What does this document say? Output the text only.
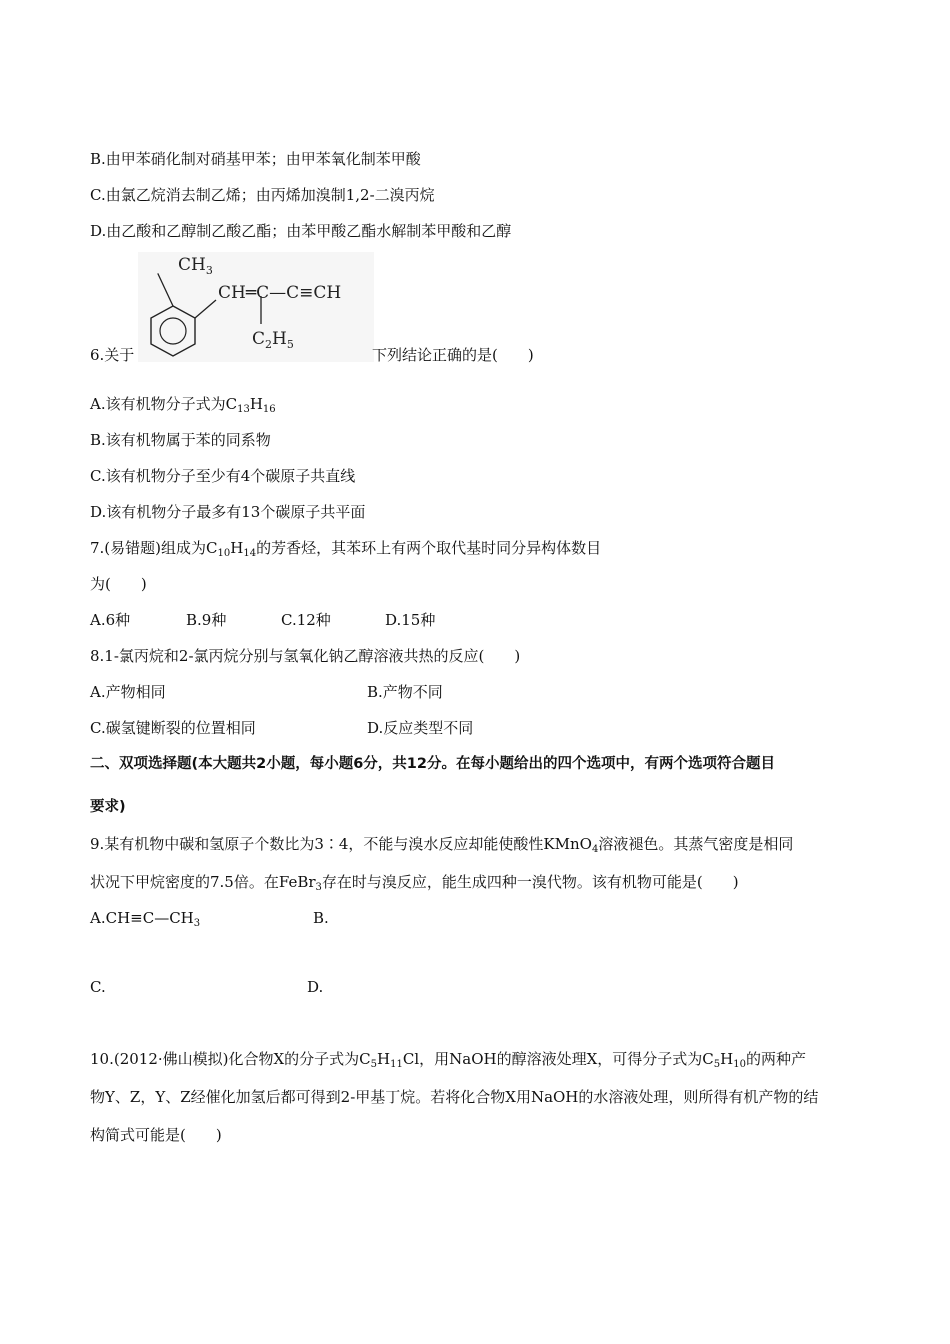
B.由甲苯硝化制对硝基甲苯；由甲苯氧化制苯甲酸
C.由氯乙烷消去制乙烯；由丙烯加溴制1,2-二溴丙烷
D.由乙酸和乙醇制乙酸乙酯；由苯甲酸乙酯水解制苯甲酸和乙醇
$CH_3$
CH═C—C≡CH
$C_2H_5$
6.关于	下列结论正确的是(　　)
A.该有机物分子式为$C_{13}H_{16}$
B.该有机物属于苯的同系物
C.该有机物分子至少有4个碳原子共直线
D.该有机物分子最多有13个碳原子共平面
7.(易错题)组成为$C_{10}H_{14}$的芳香烃，其苯环上有两个取代基时同分异构体数目
为(　　)
A.6种	B.9种	C.12种	D.15种
8.1-氯丙烷和2-氯丙烷分别与氢氧化钠乙醇溶液共热的反应(　　)
A.产物相同	B.产物不同
C.碳氢键断裂的位置相同	D.反应类型不同
二、双项选择题(本大题共2小题，每小题6分，共12分。在每小题给出的四个选项中，有两个选项符合题目
要求)
9.某有机物中碳和氢原子个数比为3∶4，不能与溴水反应却能使酸性KMnO$_4$溶液褪色。其蒸气密度是相同
状况下甲烷密度的7.5倍。在FeBr$_3$存在时与溴反应，能生成四种一溴代物。该有机物可能是(　　)
$A.CH\equiv C—CH_3$	B.
C.	D.
10.(2012·佛山模拟)化合物X的分子式为$C_5H_{11}Cl$，用NaOH的醇溶液处理X，可得分子式为$C_5H_{10}$的两种产
物Y、Z，Y、Z经催化加氢后都可得到2-甲基丁烷。若将化合物X用NaOH的水溶液处理，则所得有机产物的结
构简式可能是(　　)
